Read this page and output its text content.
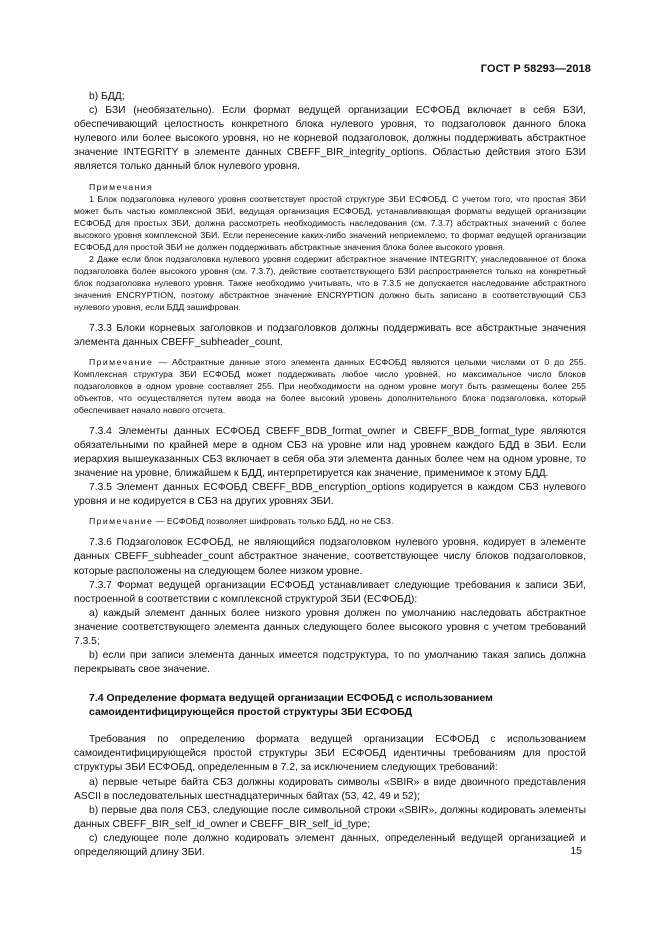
ГОСТ Р 58293—2018

b) БДД;

c) БЗИ (необязательно). Если формат ведущей организации ЕСФОБД включает в себя БЗИ, обеспечивающий целостность конкретного блока нулевого уровня, то подзаголовок данного блока нулевого или более высокого уровня, но не корневой подзаголовок, должны поддерживать абстрактное значение INTEGRITY в элементе данных CBEFF_BIR_integrity_options. Областью действия этого БЗИ является только данный блок нулевого уровня.

Примечания

1 Блок подзаголовка нулевого уровня соответствует простой структуре ЗБИ ЕСФОБД. С учетом того, что простая ЗБИ может быть частью комплексной ЗБИ, ведущая организация ЕСФОБД, устанавливающая форматы ведущей организации ЕСФОБД для простых ЗБИ, должна рассмотреть необходимость наследования (см. 7.3.7) абстрактных значений с более высокого уровня комплексной ЗБИ. Если перенесение каких-либо значений неприемлемо, то формат ведущей организации ЕСФОБД для простой ЗБИ не должен поддерживать абстрактные значения блока более высокого уровня.

2 Даже если блок подзаголовка нулевого уровня содержит абстрактное значение INTEGRITY, унаследованное от блока подзаголовка более высокого уровня (см. 7.3.7), действие соответствующего БЗИ распространяется только на конкретный блок подзаголовка нулевого уровня. Также необходимо учитывать, что в 7.3.5 не допускается наследование абстрактного значения ENCRYPTION, поэтому абстрактное значение ENCRYPTION должно быть записано в соответствующий СБЗ нулевого уровня, если БДД зашифрован.

7.3.3 Блоки корневых заголовков и подзаголовков должны поддерживать все абстрактные значения элемента данных CBEFF_subheader_count.

Примечание — Абстрактные данные этого элемента данных ЕСФОБД являются целыми числами от 0 до 255. Комплексная структура ЗБИ ЕСФОБД может поддерживать любое число уровней, но максимальное число блоков подзаголовков в одном уровне составляет 255. При необходимости на одном уровне могут быть размещены более 255 объектов, что осуществляется путем ввода на более высокий уровень дополнительного блока подзаголовка, который обеспечивает начало нового отсчета.

7.3.4 Элементы данных ЕСФОБД CBEFF_BDB_format_owner и CBEFF_BDB_format_type являются обязательными по крайней мере в одном СБЗ на уровне или над уровнем каждого БДД в ЗБИ. Если иерархия вышеуказанных СБЗ включает в себя оба эти элемента данных более чем на одном уровне, то значение на уровне, ближайшем к БДД, интерпретируется как значение, применимое к этому БДД.

7.3.5 Элемент данных ЕСФОБД CBEFF_BDB_encryption_options кодируется в каждом СБЗ нулевого уровня и не кодируется в СБЗ на других уровнях ЗБИ.

Примечание — ЕСФОБД позволяет шифровать только БДД, но не СБЗ.

7.3.6 Подзаголовок ЕСФОБД, не являющийся подзаголовком нулевого уровня, кодирует в элементе данных CBEFF_subheader_count абстрактное значение, соответствующее числу блоков подзаголовков, которые расположены на следующем более низком уровне.

7.3.7 Формат ведущей организации ЕСФОБД устанавливает следующие требования к записи ЗБИ, построенной в соответствии с комплексной структурой ЗБИ (ЕСФОБД):

a) каждый элемент данных более низкого уровня должен по умолчанию наследовать абстрактное значение соответствующего элемента данных следующего более высокого уровня с учетом требований 7.3.5;

b) если при записи элемента данных имеется подструктура, то по умолчанию такая запись должна перекрывать свое значение.

7.4 Определение формата ведущей организации ЕСФОБД с использованием
самоидентифицирующейся простой структуры ЗБИ ЕСФОБД

Требования по определению формата ведущей организации ЕСФОБД с использованием самоидентифицирующейся простой структуры ЗБИ ЕСФОБД идентичны требованиям для простой структуры ЗБИ ЕСФОБД, определенным в 7.2, за исключением следующих требований:

a) первые четыре байта СБЗ должны кодировать символы «SBIR» в виде двоичного представления ASCII в последовательных шестнадцатеричных байтах (53, 42, 49 и 52);

b) первые два поля СБЗ, следующие после символьной строки «SBIR», должны кодировать элементы данных CBEFF_BIR_self_id_owner и CBEFF_BIR_self_id_type;

c) следующее поле должно кодировать элемент данных, определенный ведущей организацией и определяющий длину ЗБИ.	15
